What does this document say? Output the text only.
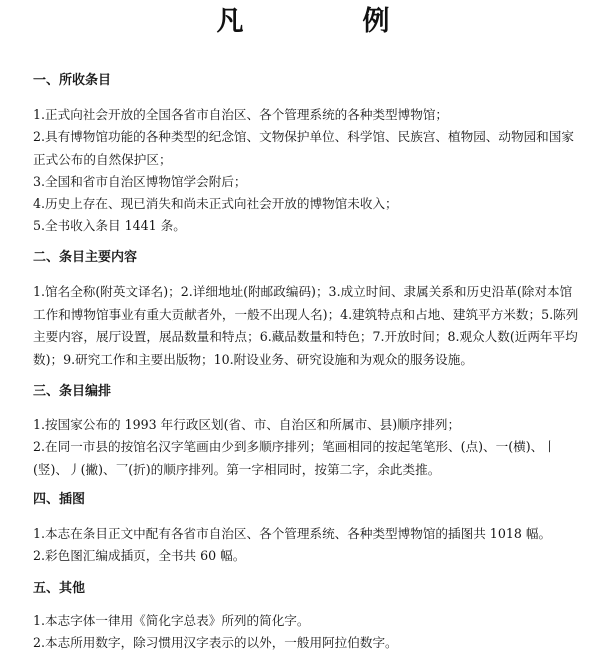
凡　例
一、所收条目
1.正式向社会开放的全国各省市自治区、各个管理系统的各种类型博物馆；
2.具有博物馆功能的各种类型的纪念馆、文物保护单位、科学馆、民族宫、植物园、动物园和国家正式公布的自然保护区；
3.全国和省市自治区博物馆学会附后；
4.历史上存在、现已消失和尚未正式向社会开放的博物馆未收入；
5.全书收入条目 1441 条。
二、条目主要内容
1.馆名全称(附英文译名)；2.详细地址(附邮政编码)；3.成立时间、隶属关系和历史沿革(除对本馆工作和博物馆事业有重大贡献者外，一般不出现人名)；4.建筑特点和占地、建筑平方米数；5.陈列主要内容，展厅设置，展品数量和特点；6.藏品数量和特色；7.开放时间；8.观众人数(近两年平均数)；9.研究工作和主要出版物；10.附设业务、研究设施和为观众的服务设施。
三、条目编排
1.按国家公布的 1993 年行政区划(省、市、自治区和所属市、县)顺序排列；
2.在同一市县的按馆名汉字笔画由少到多顺序排列；笔画相同的按起笔笔形、(点)、一(横)、丨(竖)、丿(撇)、乛(折)的顺序排列。第一字相同时，按第二字，余此类推。
四、插图
1.本志在条目正文中配有各省市自治区、各个管理系统、各种类型博物馆的插图共 1018 幅。
2.彩色图汇编成插页，全书共 60 幅。
五、其他
1.本志字体一律用《简化字总表》所列的简化字。
2.本志所用数字，除习惯用汉字表示的以外，一般用阿拉伯数字。
